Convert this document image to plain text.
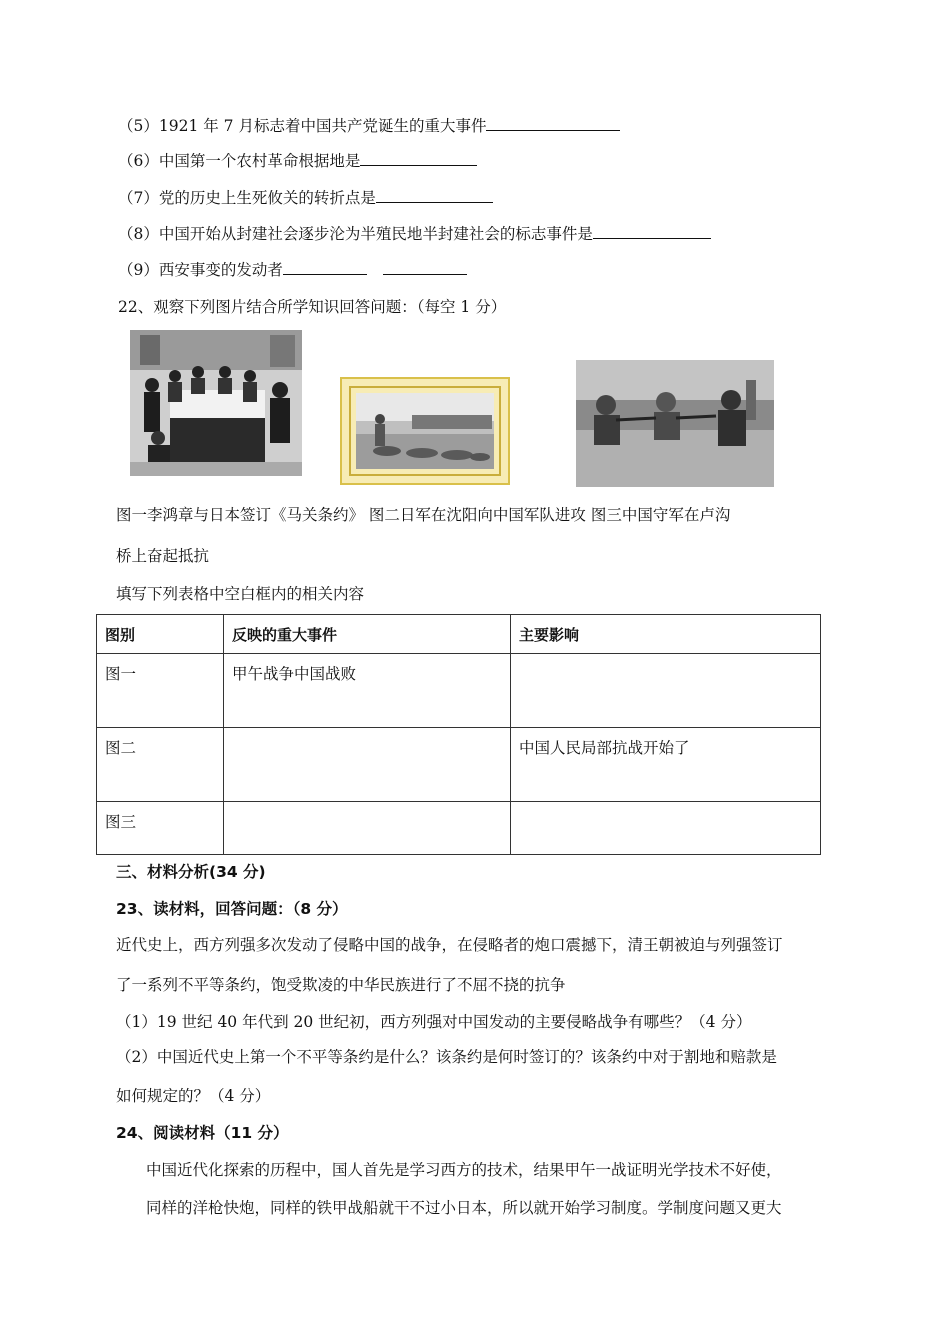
（5）1921 年 7 月标志着中国共产党诞生的重大事件
（6）中国第一个农村革命根据地是
（7）党的历史上生死攸关的转折点是
（8）中国开始从封建社会逐步沦为半殖民地半封建社会的标志事件是
（9）西安事变的发动者
22、观察下列图片结合所学知识回答问题：（每空 1 分）
图一李鸿章与日本签订《马关条约》 图二日军在沈阳向中国军队进攻 图三中国守军在卢沟
桥上奋起抵抗
填写下列表格中空白框内的相关内容
图别	反映的重大事件	主要影响
图一	甲午战争中国战败	
图二		中国人民局部抗战开始了
图三		
三、材料分析(34 分)
23、读材料，回答问题：（8 分）
近代史上，西方列强多次发动了侵略中国的战争，在侵略者的炮口震撼下，清王朝被迫与列强签订
了一系列不平等条约，饱受欺凌的中华民族进行了不屈不挠的抗争
（1）19 世纪 40 年代到 20 世纪初，西方列强对中国发动的主要侵略战争有哪些？（4 分）
（2）中国近代史上第一个不平等条约是什么？该条约是何时签订的？该条约中对于割地和赔款是
如何规定的？（4 分）
24、阅读材料（11 分）
中国近代化探索的历程中，国人首先是学习西方的技术，结果甲午一战证明光学技术不好使，
同样的洋枪快炮，同样的铁甲战船就干不过小日本，所以就开始学习制度。学制度问题又更大
